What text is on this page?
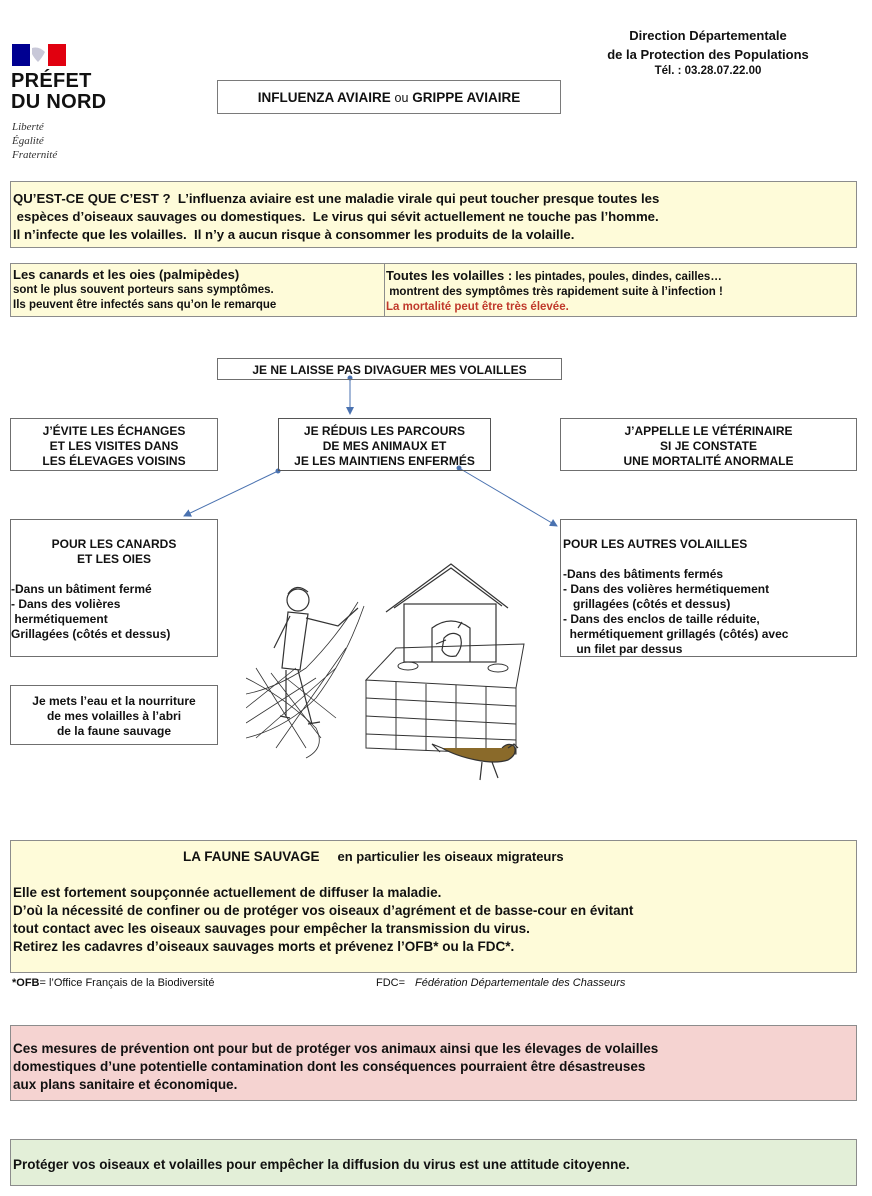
PRÉFET
DU NORD
Liberté
Égalité
Fraternité
Direction Départementale
de la Protection des Populations
Tél. : 03.28.07.22.00
INFLUENZA AVIAIRE ou GRIPPE AVIAIRE
QU’EST-CE QUE C’EST ?  L’influenza aviaire est une maladie virale qui peut toucher presque toutes les
espèces d’oiseaux sauvages ou domestiques.  Le virus qui sévit actuellement ne touche pas l’homme.
Il n’infecte que les volailles.  Il n’y a aucun risque à consommer les produits de la volaille.
Les canards et les oies (palmipèdes)
sont le plus souvent porteurs sans symptômes.
Ils peuvent être infectés sans qu’on le remarque
Toutes les volailles : les pintades, poules, dindes, cailles…
montrent des symptômes très rapidement suite à l’infection !
La mortalité peut être très élevée.
JE NE LAISSE PAS DIVAGUER MES VOLAILLES
J’ÉVITE LES ÉCHANGES
ET LES VISITES DANS
LES ÉLEVAGES VOISINS
JE RÉDUIS LES PARCOURS
DE MES ANIMAUX ET
JE LES MAINTIENS ENFERMÉS
J’APPELLE LE VÉTÉRINAIRE
SI JE CONSTATE
UNE MORTALITÉ ANORMALE
POUR LES CANARDS
ET LES OIES

-Dans un bâtiment fermé
- Dans des volières
hermétiquement
Grillagées (côtés et dessus)
POUR LES AUTRES VOLAILLES

-Dans des bâtiments fermés
- Dans des volières hermétiquement
grillagées (côtés et dessus)
- Dans des enclos de taille réduite,
hermétiquement grillagés (côtés) avec
un filet par dessus
Je mets l’eau et la nourriture
de mes volailles à l’abri
de la faune sauvage
LA FAUNE SAUVAGE en particulier les oiseaux migrateurs

Elle est fortement soupçonnée actuellement de diffuser la maladie.
D’où la nécessité de confiner ou de protéger vos oiseaux d’agrément et de basse-cour en évitant
tout contact avec les oiseaux sauvages pour empêcher la transmission du virus.
Retirez les cadavres d’oiseaux sauvages morts et prévenez l’OFB* ou la FDC*.
*OFB= l’Office Français de la Biodiversité	FDC= Fédération Départementale des Chasseurs
Ces mesures de prévention ont pour but de protéger vos animaux ainsi que les élevages de volailles
domestiques d’une potentielle contamination dont les conséquences pourraient être désastreuses
aux plans sanitaire et économique.
Protéger vos oiseaux et volailles pour empêcher la diffusion du virus est une attitude citoyenne.
